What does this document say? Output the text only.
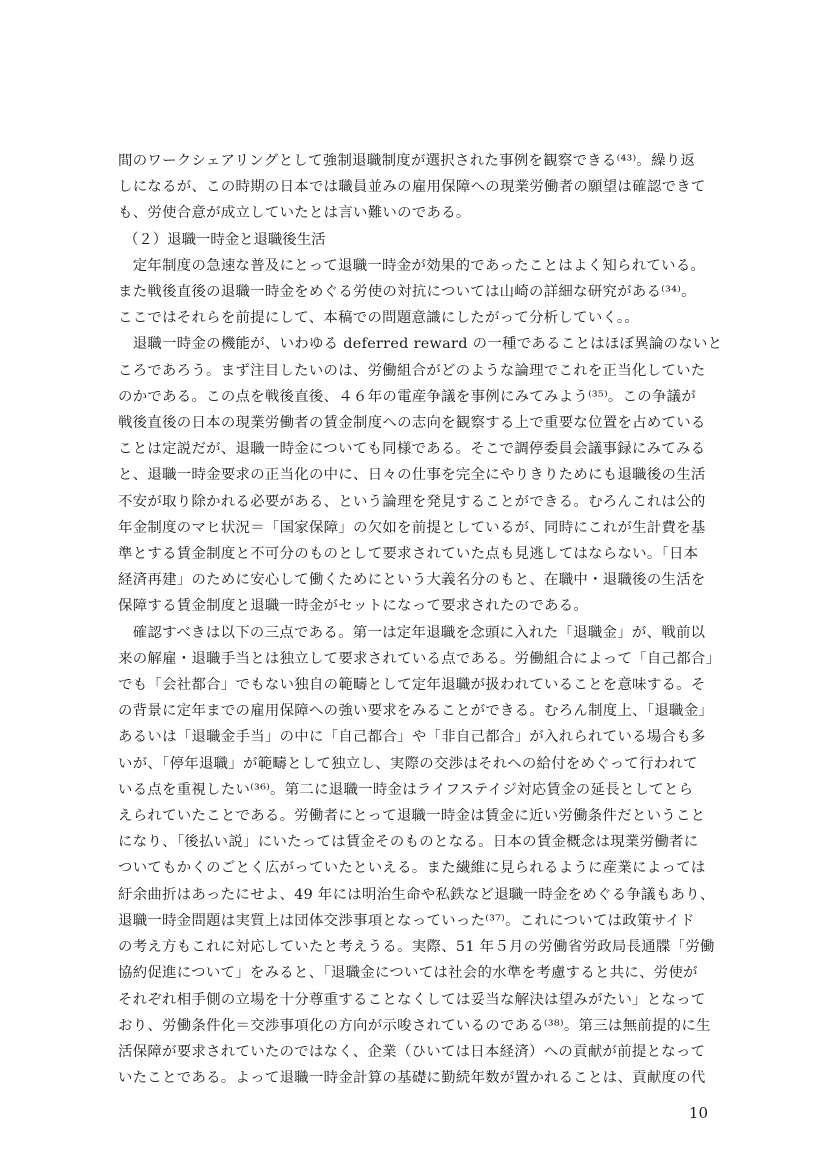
間のワークシェアリングとして強制退職制度が選択された事例を観察できる⁽⁴³⁾。繰り返
しになるが、この時期の日本では職員並みの雇用保障への現業労働者の願望は確認できて
も、労使合意が成立していたとは言い難いのである。
（２）退職一時金と退職後生活
　定年制度の急速な普及にとって退職一時金が効果的であったことはよく知られている。
また戦後直後の退職一時金をめぐる労使の対抗については山崎の詳細な研究がある⁽³⁴⁾。
ここではそれらを前提にして、本稿での問題意識にしたがって分析していく。。
　退職一時金の機能が、いわゆる deferred reward の一種であることはほぼ異論のないと
ころであろう。まず注目したいのは、労働組合がどのような論理でこれを正当化していた
のかである。この点を戦後直後、４６年の電産争議を事例にみてみよう⁽³⁵⁾。この争議が
戦後直後の日本の現業労働者の賃金制度への志向を観察する上で重要な位置を占めている
ことは定説だが、退職一時金についても同様である。そこで調停委員会議事録にみてみる
と、退職一時金要求の正当化の中に、日々の仕事を完全にやりきりためにも退職後の生活
不安が取り除かれる必要がある、という論理を発見することができる。むろんこれは公的
年金制度のマヒ状況＝「国家保障」の欠如を前提としているが、同時にこれが生計費を基
準とする賃金制度と不可分のものとして要求されていた点も見逃してはならない。「日本
経済再建」のために安心して働くためにという大義名分のもと、在職中・退職後の生活を
保障する賃金制度と退職一時金がセットになって要求されたのである。
　確認すべきは以下の三点である。第一は定年退職を念頭に入れた「退職金」が、戦前以
来の解雇・退職手当とは独立して要求されている点である。労働組合によって「自己都合」
でも「会社都合」でもない独自の範疇として定年退職が扱われていることを意味する。そ
の背景に定年までの雇用保障への強い要求をみることができる。むろん制度上、「退職金」
あるいは「退職金手当」の中に「自己都合」や「非自己都合」が入れられている場合も多
いが、「停年退職」が範疇として独立し、実際の交渉はそれへの給付をめぐって行われて
いる点を重視したい⁽³⁶⁾。第二に退職一時金はライフステイジ対応賃金の延長としてとら
えられていたことである。労働者にとって退職一時金は賃金に近い労働条件だということ
になり、「後払い説」にいたっては賃金そのものとなる。日本の賃金概念は現業労働者に
ついてもかくのごとく広がっていたといえる。また繊維に見られるように産業によっては
紆余曲折はあったにせよ、49 年には明治生命や私鉄など退職一時金をめぐる争議もあり、
退職一時金問題は実質上は団体交渉事項となっていった⁽³⁷⁾。これについては政策サイド
の考え方もこれに対応していたと考えうる。実際、51 年５月の労働省労政局長通牒「労働
協約促進について」をみると、「退職金については社会的水準を考慮すると共に、労使が
それぞれ相手側の立場を十分尊重することなくしては妥当な解決は望みがたい」となって
おり、労働条件化＝交渉事項化の方向が示唆されているのである⁽³⁸⁾。第三は無前提的に生
活保障が要求されていたのではなく、企業（ひいては日本経済）への貢献が前提となって
いたことである。よって退職一時金計算の基礎に勤続年数が置かれることは、貢献度の代
10
